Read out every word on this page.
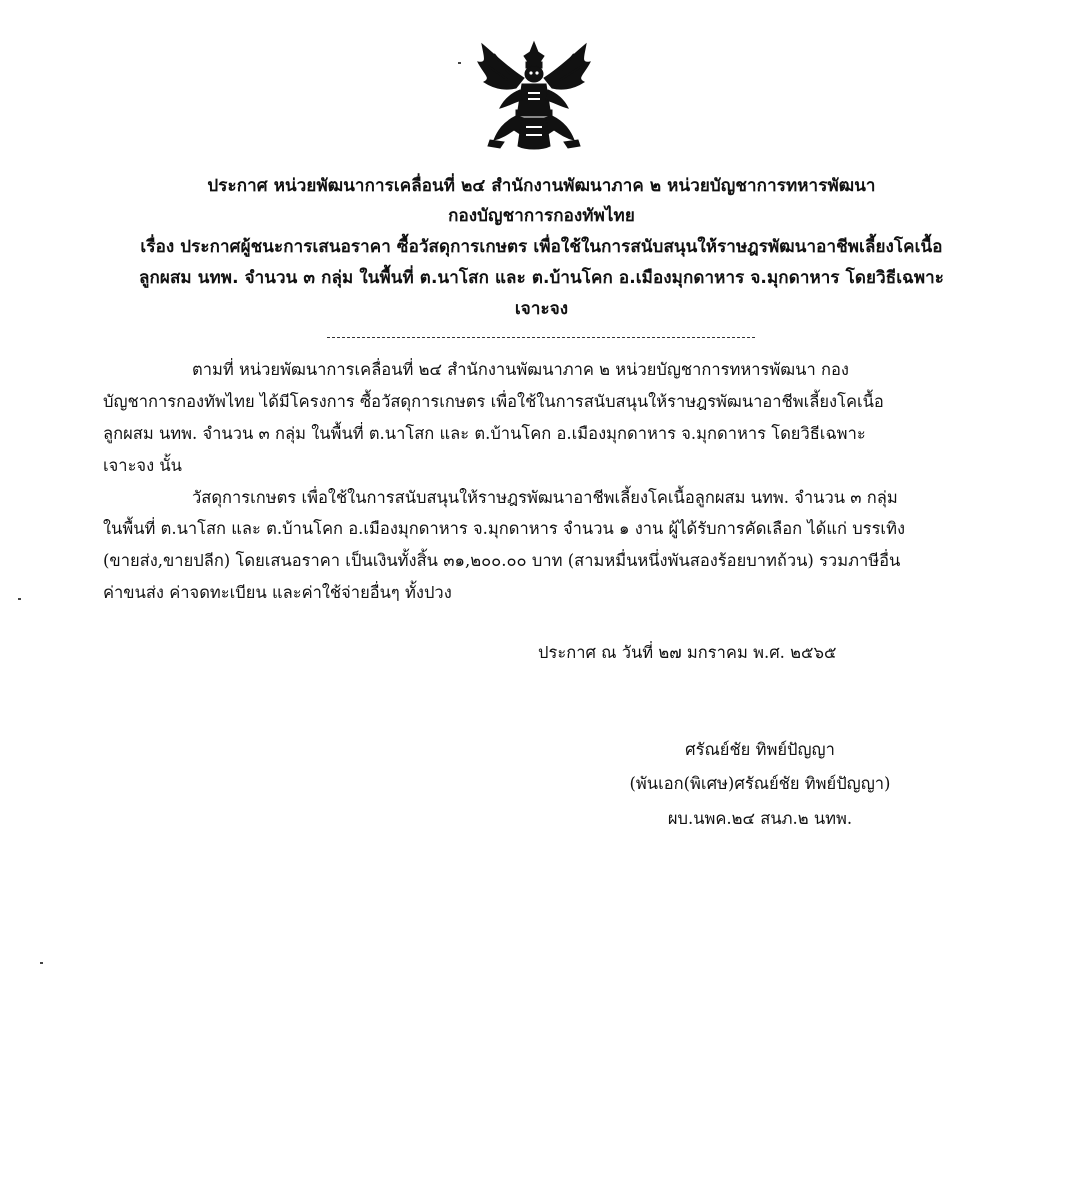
ประกาศ หน่วยพัฒนาการเคลื่อนที่ ๒๔ สำนักงานพัฒนาภาค ๒ หน่วยบัญชาการทหารพัฒนา
กองบัญชาการกองทัพไทย
เรื่อง ประกาศผู้ชนะการเสนอราคา ซื้อวัสดุการเกษตร เพื่อใช้ในการสนับสนุนให้ราษฎรพัฒนาอาชีพเลี้ยงโคเนื้อ
ลูกผสม นทพ. จำนวน ๓ กลุ่ม ในพื้นที่ ต.นาโสก และ ต.บ้านโคก อ.เมืองมุกดาหาร จ.มุกดาหาร โดยวิธีเฉพาะ
เจาะจง
ตามที่ หน่วยพัฒนาการเคลื่อนที่ ๒๔ สำนักงานพัฒนาภาค ๒ หน่วยบัญชาการทหารพัฒนา กอง
บัญชาการกองทัพไทย ได้มีโครงการ ซื้อวัสดุการเกษตร เพื่อใช้ในการสนับสนุนให้ราษฎรพัฒนาอาชีพเลี้ยงโคเนื้อ
ลูกผสม นทพ. จำนวน ๓ กลุ่ม ในพื้นที่ ต.นาโสก และ ต.บ้านโคก อ.เมืองมุกดาหาร จ.มุกดาหาร โดยวิธีเฉพาะ
เจาะจง นั้น
วัสดุการเกษตร เพื่อใช้ในการสนับสนุนให้ราษฎรพัฒนาอาชีพเลี้ยงโคเนื้อลูกผสม นทพ. จำนวน ๓ กลุ่ม
ในพื้นที่ ต.นาโสก และ ต.บ้านโคก อ.เมืองมุกดาหาร จ.มุกดาหาร จำนวน ๑ งาน ผู้ได้รับการคัดเลือก ได้แก่ บรรเทิง
(ขายส่ง,ขายปลีก) โดยเสนอราคา เป็นเงินทั้งสิ้น ๓๑,๒๐๐.๐๐ บาท (สามหมื่นหนึ่งพันสองร้อยบาทถ้วน) รวมภาษีอื่น
ค่าขนส่ง ค่าจดทะเบียน และค่าใช้จ่ายอื่นๆ ทั้งปวง
ประกาศ ณ วันที่ ๒๗ มกราคม พ.ศ. ๒๕๖๕
ศรัณย์ชัย ทิพย์ปัญญา
(พันเอก(พิเศษ)ศรัณย์ชัย ทิพย์ปัญญา)
ผบ.นพค.๒๔ สนภ.๒ นทพ.
